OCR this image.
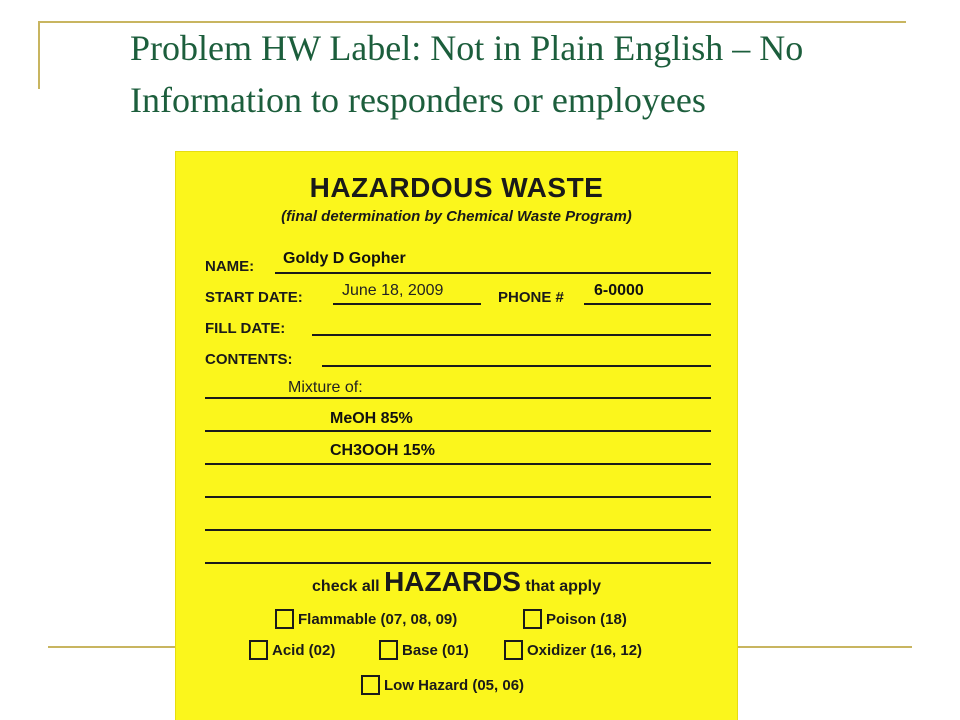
Problem HW Label: Not in Plain English – No Information to responders or employees
HAZARDOUS WASTE
(final determination by Chemical Waste Program)
NAME: Goldy D Gopher
START DATE: June 18, 2009	PHONE # 6-0000
FILL DATE:
CONTENTS:
Mixture of:
MeOH 85%
CH3OOH 15%
check all HAZARDS that apply
Flammable (07, 08, 09)	Poison (18)
Acid (02)	Base (01)	Oxidizer (16, 12)
Low Hazard (05, 06)
